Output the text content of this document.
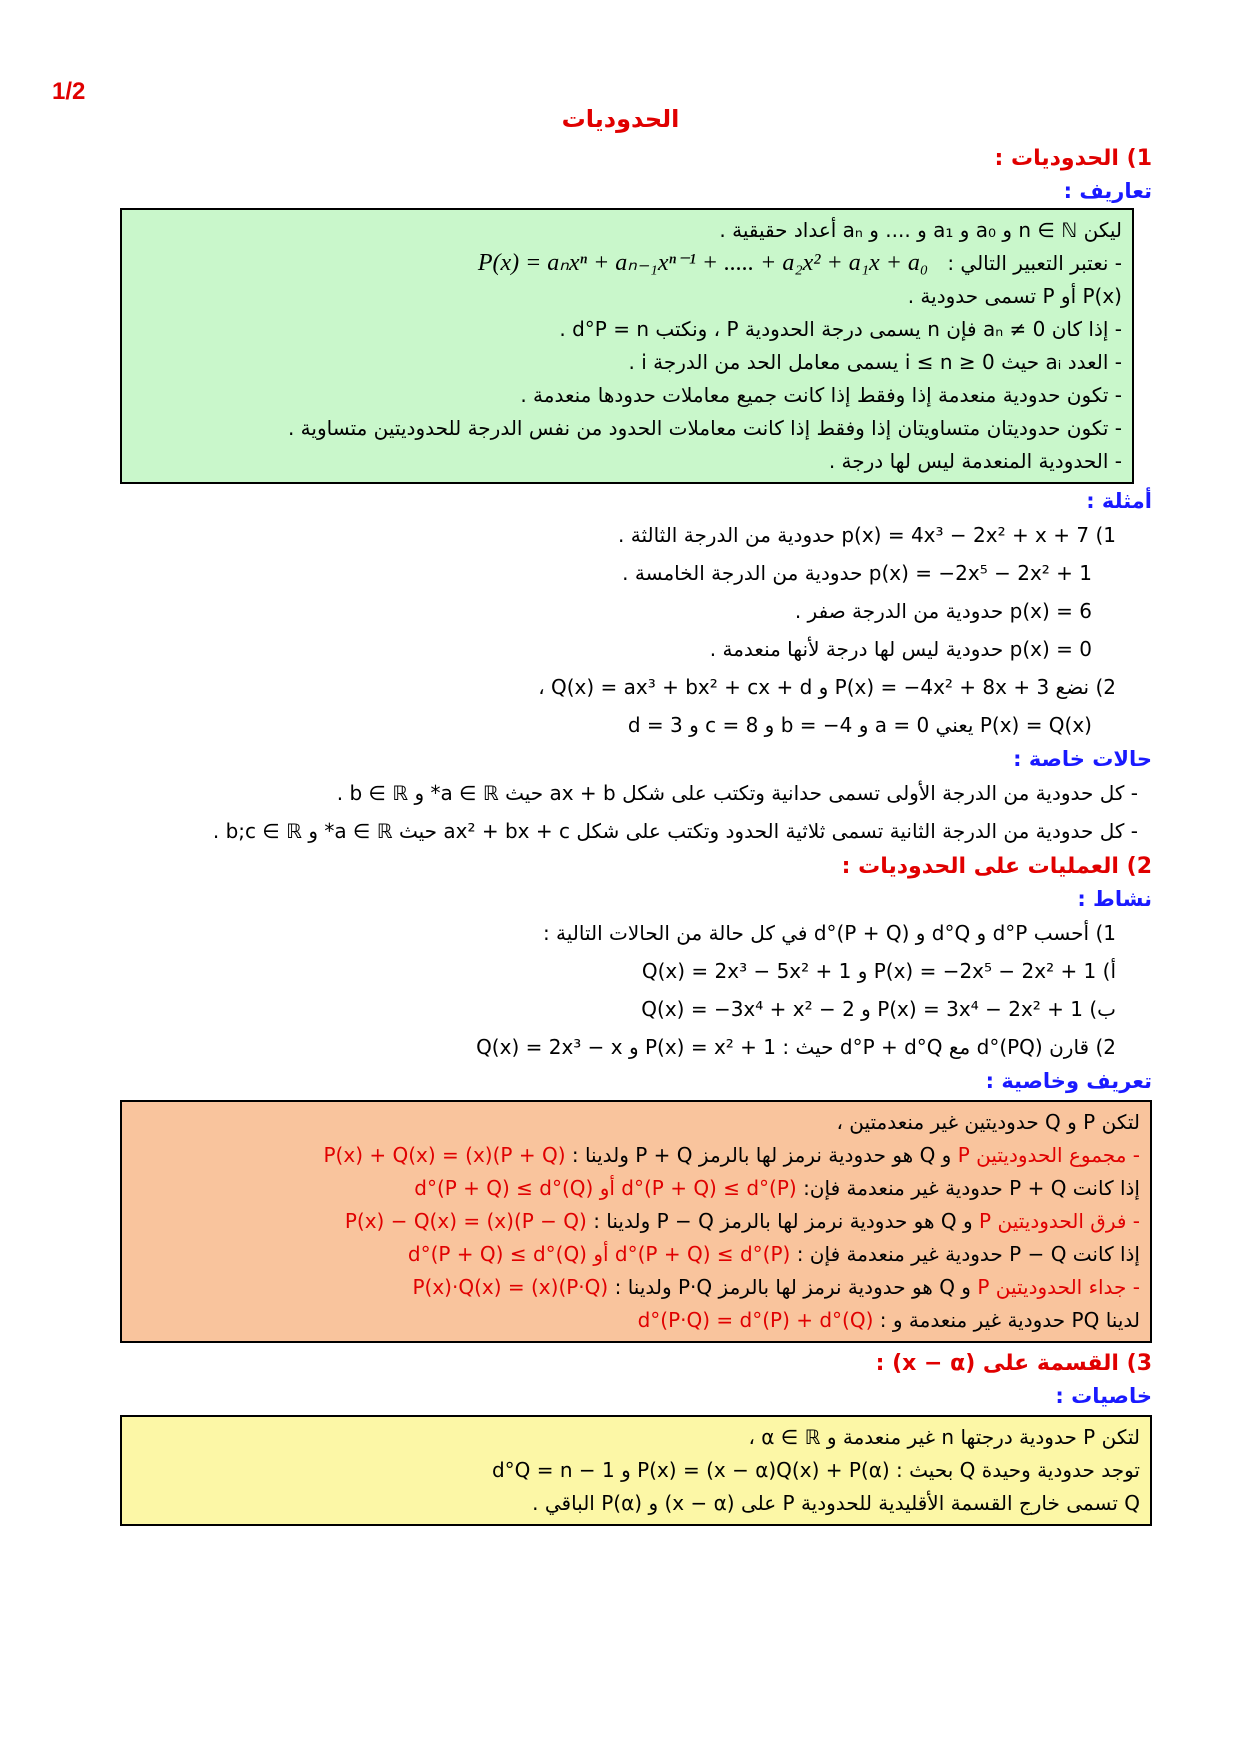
1/2
الحدوديات
1) الحدوديات :
تعاريف :
ليكن n ∈ ℕ و a₀ و a₁ و .... و aₙ أعداد حقيقية .
- نعتبر التعبير التالي :   P(x) = aₙxⁿ + aₙ₋₁xⁿ⁻¹ + ..... + a₂x² + a₁x + a₀
P(x) أو P تسمى حدودية .
- إذا كان aₙ ≠ 0 فإن n يسمى درجة الحدودية P ، ونكتب d°P = n .
- العدد aᵢ حيث 0 ≤ i ≤ n يسمى معامل الحد من الدرجة i .
- تكون حدودية منعدمة إذا وفقط إذا كانت جميع معاملات حدودها منعدمة .
- تكون حدوديتان متساويتان إذا وفقط إذا كانت معاملات الحدود من نفس الدرجة للحدوديتين متساوية .
- الحدودية المنعدمة ليس لها درجة .
أمثلة :
1) p(x) = 4x³ − 2x² + x + 7 حدودية من الدرجة الثالثة .
p(x) = −2x⁵ − 2x² + 1 حدودية من الدرجة الخامسة .
p(x) = 6 حدودية من الدرجة صفر .
p(x) = 0 حدودية ليس لها درجة لأنها منعدمة .
2) نضع P(x) = −4x² + 8x + 3 و Q(x) = ax³ + bx² + cx + d ،
P(x) = Q(x) يعني a = 0 و b = −4 و c = 8 و d = 3
حالات خاصة :
- كل حدودية من الدرجة الأولى تسمى حدانية وتكتب على شكل ax + b حيث a ∈ ℝ* و b ∈ ℝ .
- كل حدودية من الدرجة الثانية تسمى ثلاثية الحدود وتكتب على شكل ax² + bx + c حيث a ∈ ℝ* و b;c ∈ ℝ .
2) العمليات على الحدوديات :
نشاط :
1) أحسب d°P و d°Q و d°(P + Q) في كل حالة من الحالات التالية :
أ) P(x) = −2x⁵ − 2x² + 1 و Q(x) = 2x³ − 5x² + 1
ب) P(x) = 3x⁴ − 2x² + 1 و Q(x) = −3x⁴ + x² − 2
2) قارن d°(PQ) مع d°P + d°Q حيث : P(x) = x² + 1 و Q(x) = 2x³ − x
تعريف وخاصية :
لتكن P و Q حدوديتين غير منعدمتين ،
- مجموع الحدوديتين P و Q هو حدودية نرمز لها بالرمز P + Q ولدينا : (P + Q)(x) = P(x) + Q(x)
إذا كانت P + Q حدودية غير منعدمة فإن: d°(P + Q) ≤ d°(P) أو d°(P + Q) ≤ d°(Q)
- فرق الحدوديتين P و Q هو حدودية نرمز لها بالرمز P − Q ولدينا : (P − Q)(x) = P(x) − Q(x)
إذا كانت P − Q حدودية غير منعدمة فإن : d°(P + Q) ≤ d°(P) أو d°(P + Q) ≤ d°(Q)
- جداء الحدوديتين P و Q هو حدودية نرمز لها بالرمز P·Q ولدينا : (P·Q)(x) = P(x)·Q(x)
لدينا PQ حدودية غير منعدمة و : d°(P·Q) = d°(P) + d°(Q)
3) القسمة على (x − α) :
خاصيات :
لتكن P حدودية درجتها n غير منعدمة و α ∈ ℝ ،
توجد حدودية وحيدة Q بحيث : P(x) = (x − α)Q(x) + P(α) و d°Q = n − 1
Q تسمى خارج القسمة الأقليدية للحدودية P على (x − α) و P(α) الباقي .
